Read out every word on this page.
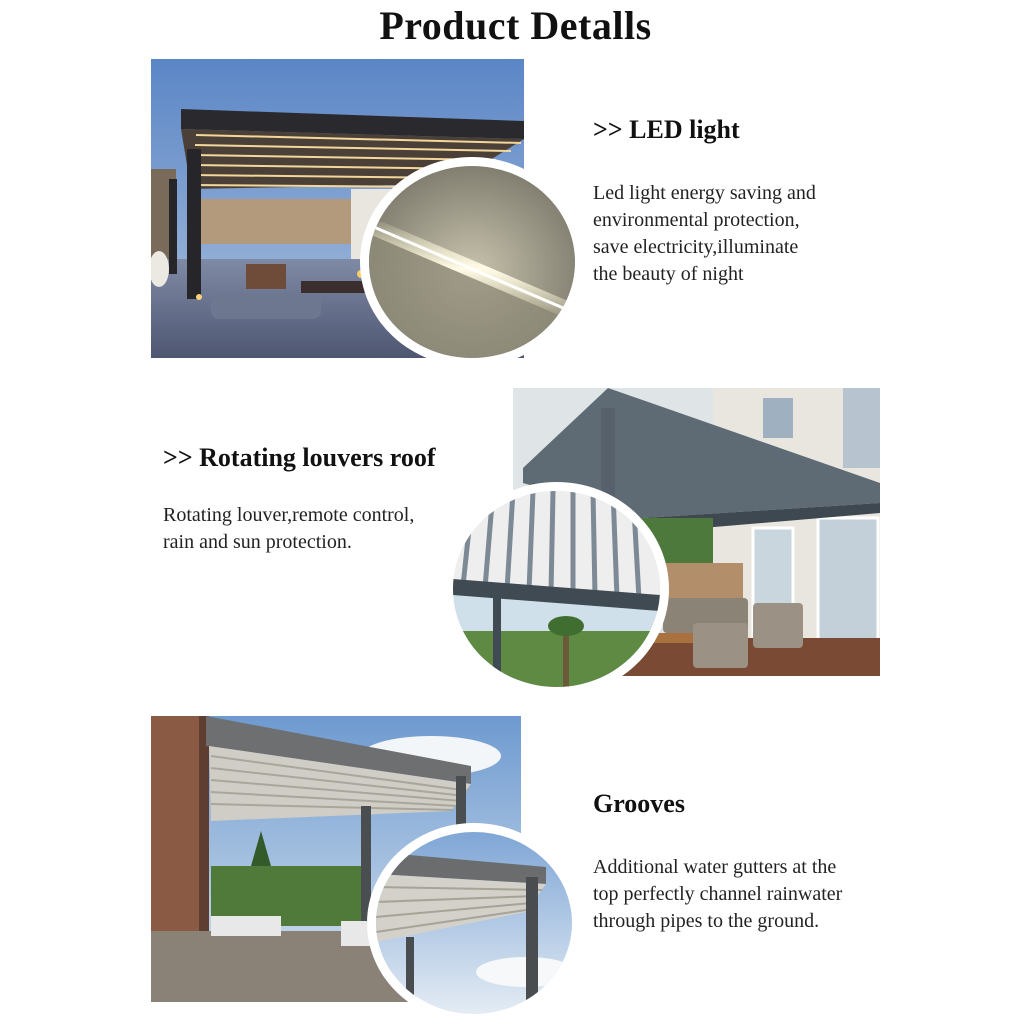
Product Detalls
>> LED light
Led light energy saving and
environmental protection,
save electricity,illuminate
the beauty of night
>> Rotating louvers roof
Rotating louver,remote control,
rain and sun protection.
Grooves
Additional water gutters at the
top perfectly channel rainwater
through pipes to the ground.
